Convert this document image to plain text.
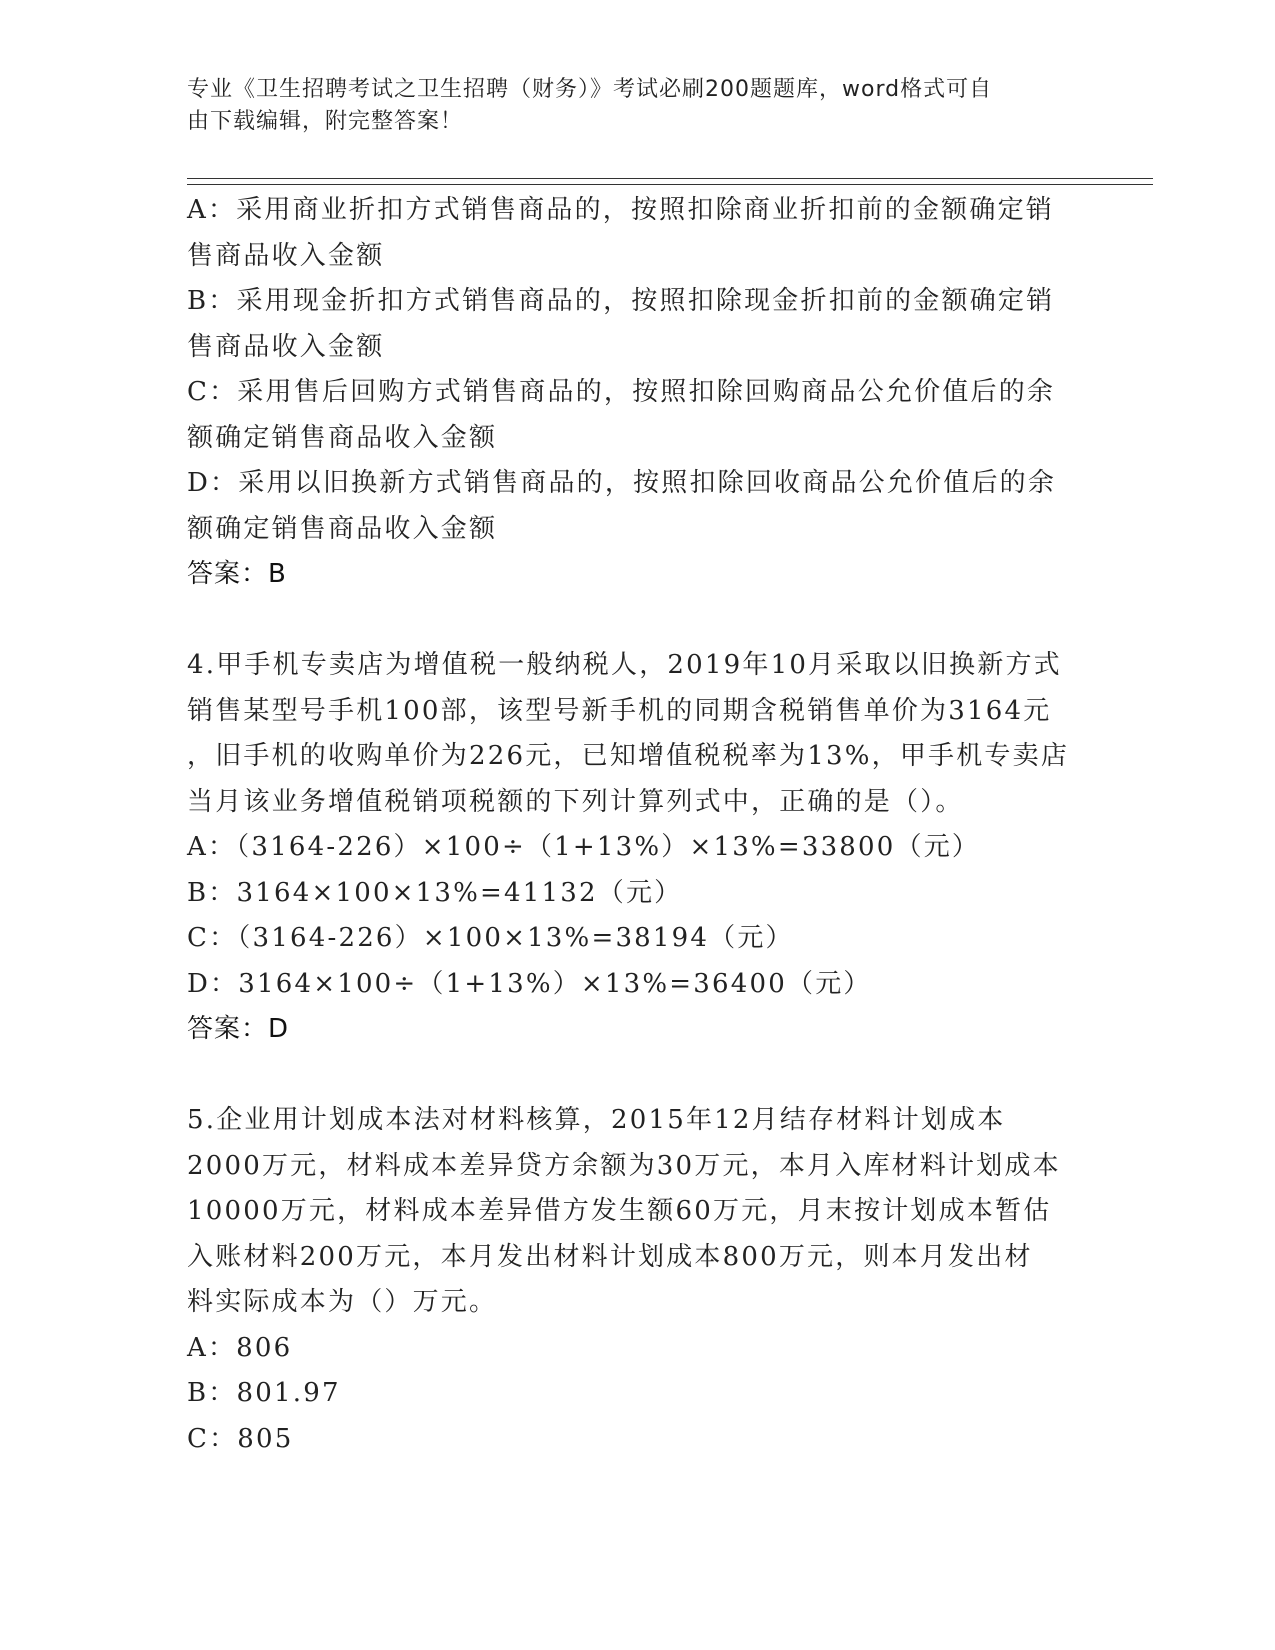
专业《卫生招聘考试之卫生招聘（财务）》考试必刷200题题库，word格式可自
由下载编辑，附完整答案！
A：采用商业折扣方式销售商品的，按照扣除商业折扣前的金额确定销
售商品收入金额
B：采用现金折扣方式销售商品的，按照扣除现金折扣前的金额确定销
售商品收入金额
C：采用售后回购方式销售商品的，按照扣除回购商品公允价值后的余
额确定销售商品收入金额
D：采用以旧换新方式销售商品的，按照扣除回收商品公允价值后的余
额确定销售商品收入金额
答案：B
4.甲手机专卖店为增值税一般纳税人，2019年10月采取以旧换新方式
销售某型号手机100部，该型号新手机的同期含税销售单价为3164元
，旧手机的收购单价为226元，已知增值税税率为13%，甲手机专卖店
当月该业务增值税销项税额的下列计算列式中，正确的是（）。
A：（3164-226）×100÷（1+13%）×13%=33800（元）
B：3164×100×13%=41132（元）
C：（3164-226）×100×13%=38194（元）
D：3164×100÷（1+13%）×13%=36400（元）
答案：D
5.企业用计划成本法对材料核算，2015年12月结存材料计划成本
2000万元，材料成本差异贷方余额为30万元，本月入库材料计划成本
10000万元，材料成本差异借方发生额60万元，月末按计划成本暂估
入账材料200万元，本月发出材料计划成本800万元，则本月发出材
料实际成本为（）万元。
A：806
B：801.97
C：805
